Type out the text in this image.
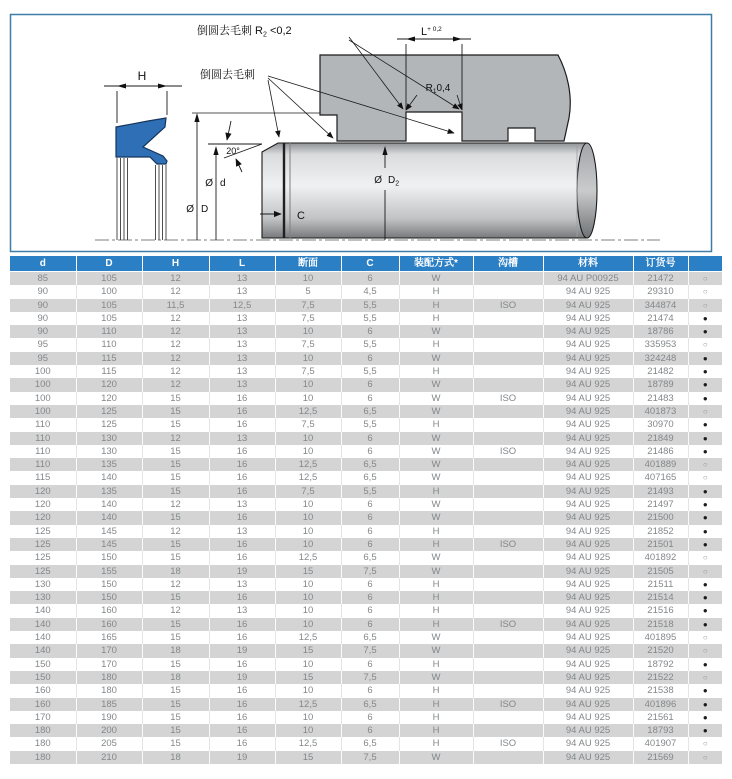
H
倒圆去毛刺 $R_2 <0,2$
倒圆去毛刺
$L^{+ 0,2}$
$R_10,4$
20°
C
Ø $D_2$
Ø d
Ø D
d	D	H	L	断面	C	装配方式*	沟槽	材料	订货号	
85	105	12	13	10	6	W		94 AU P00925	21472	○
90	100	12	13	5	4,5	H		94 AU 925	29310	○
90	105	11,5	12,5	7,5	5,5	H	ISO	94 AU 925	344874	○
90	105	12	13	7,5	5,5	H		94 AU 925	21474	●
90	110	12	13	10	6	W		94 AU 925	18786	●
95	110	12	13	7,5	5,5	H		94 AU 925	335953	○
95	115	12	13	10	6	W		94 AU 925	324248	●
100	115	12	13	7,5	5,5	H		94 AU 925	21482	●
100	120	12	13	10	6	W		94 AU 925	18789	●
100	120	15	16	10	6	W	ISO	94 AU 925	21483	●
100	125	15	16	12,5	6,5	W		94 AU 925	401873	○
110	125	15	16	7,5	5,5	H		94 AU 925	30970	●
110	130	12	13	10	6	W		94 AU 925	21849	●
110	130	15	16	10	6	W	ISO	94 AU 925	21486	●
110	135	15	16	12,5	6,5	W		94 AU 925	401889	○
115	140	15	16	12,5	6,5	W		94 AU 925	407165	○
120	135	15	16	7,5	5,5	H		94 AU 925	21493	●
120	140	12	13	10	6	W		94 AU 925	21497	●
120	140	15	16	10	6	W		94 AU 925	21500	●
125	145	12	13	10	6	H		94 AU 925	21852	●
125	145	15	16	10	6	H	ISO	94 AU 925	21501	●
125	150	15	16	12,5	6,5	W		94 AU 925	401892	○
125	155	18	19	15	7,5	W		94 AU 925	21505	○
130	150	12	13	10	6	H		94 AU 925	21511	●
130	150	15	16	10	6	H		94 AU 925	21514	●
140	160	12	13	10	6	H		94 AU 925	21516	●
140	160	15	16	10	6	H	ISO	94 AU 925	21518	●
140	165	15	16	12,5	6,5	W		94 AU 925	401895	○
140	170	18	19	15	7,5	W		94 AU 925	21520	○
150	170	15	16	10	6	H		94 AU 925	18792	●
150	180	18	19	15	7,5	W		94 AU 925	21522	○
160	180	15	16	10	6	H		94 AU 925	21538	●
160	185	15	16	12,5	6,5	H	ISO	94 AU 925	401896	●
170	190	15	16	10	6	H		94 AU 925	21561	●
180	200	15	16	10	6	H		94 AU 925	18793	●
180	205	15	16	12,5	6,5	H	ISO	94 AU 925	401907	○
180	210	18	19	15	7,5	W		94 AU 925	21569	○
